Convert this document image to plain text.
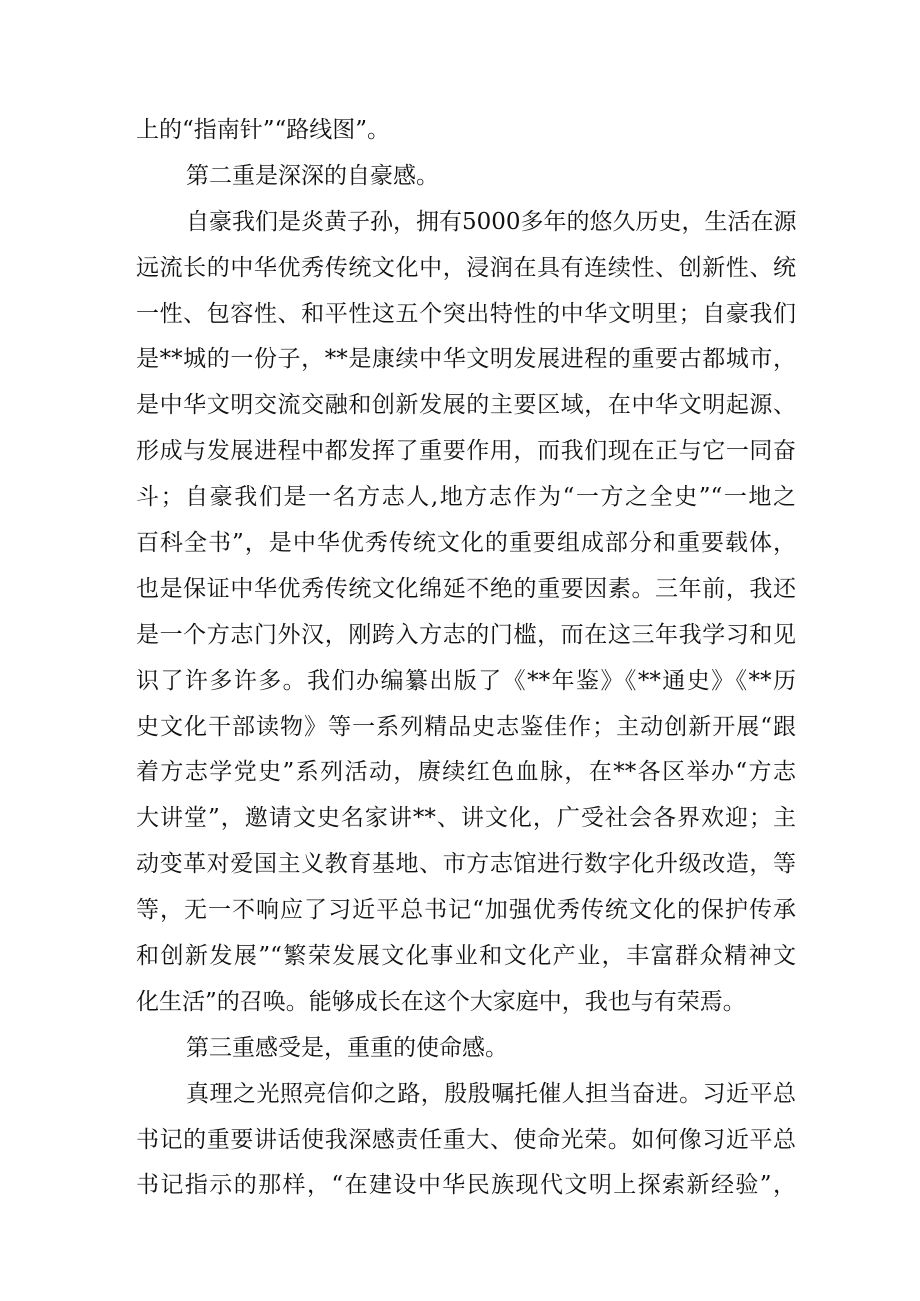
上的“指南针”“路线图”。
第二重是深深的自豪感。
自豪我们是炎黄子孙，拥有5000多年的悠久历史，生活在源
远流长的中华优秀传统文化中，浸润在具有连续性、创新性、统
一性、包容性、和平性这五个突出特性的中华文明里；自豪我们
是**城的一份子，**是康续中华文明发展进程的重要古都城市，
是中华文明交流交融和创新发展的主要区域，在中华文明起源、
形成与发展进程中都发挥了重要作用，而我们现在正与它一同奋
斗；自豪我们是一名方志人,地方志作为“一方之全史”“一地之
百科全书”，是中华优秀传统文化的重要组成部分和重要载体，
也是保证中华优秀传统文化绵延不绝的重要因素。三年前，我还
是一个方志门外汉，刚跨入方志的门槛，而在这三年我学习和见
识了许多许多。我们办编纂出版了《**年鉴》《**通史》《**历
史文化干部读物》等一系列精品史志鉴佳作；主动创新开展“跟
着方志学党史”系列活动，赓续红色血脉，在**各区举办“方志
大讲堂”，邀请文史名家讲**、讲文化，广受社会各界欢迎；主
动变革对爱国主义教育基地、市方志馆进行数字化升级改造，等
等，无一不响应了习近平总书记“加强优秀传统文化的保护传承
和创新发展”“繁荣发展文化事业和文化产业，丰富群众精神文
化生活”的召唤。能够成长在这个大家庭中，我也与有荣焉。
第三重感受是，重重的使命感。
真理之光照亮信仰之路，殷殷嘱托催人担当奋进。习近平总
书记的重要讲话使我深感责任重大、使命光荣。如何像习近平总
书记指示的那样，“在建设中华民族现代文明上探索新经验”，
